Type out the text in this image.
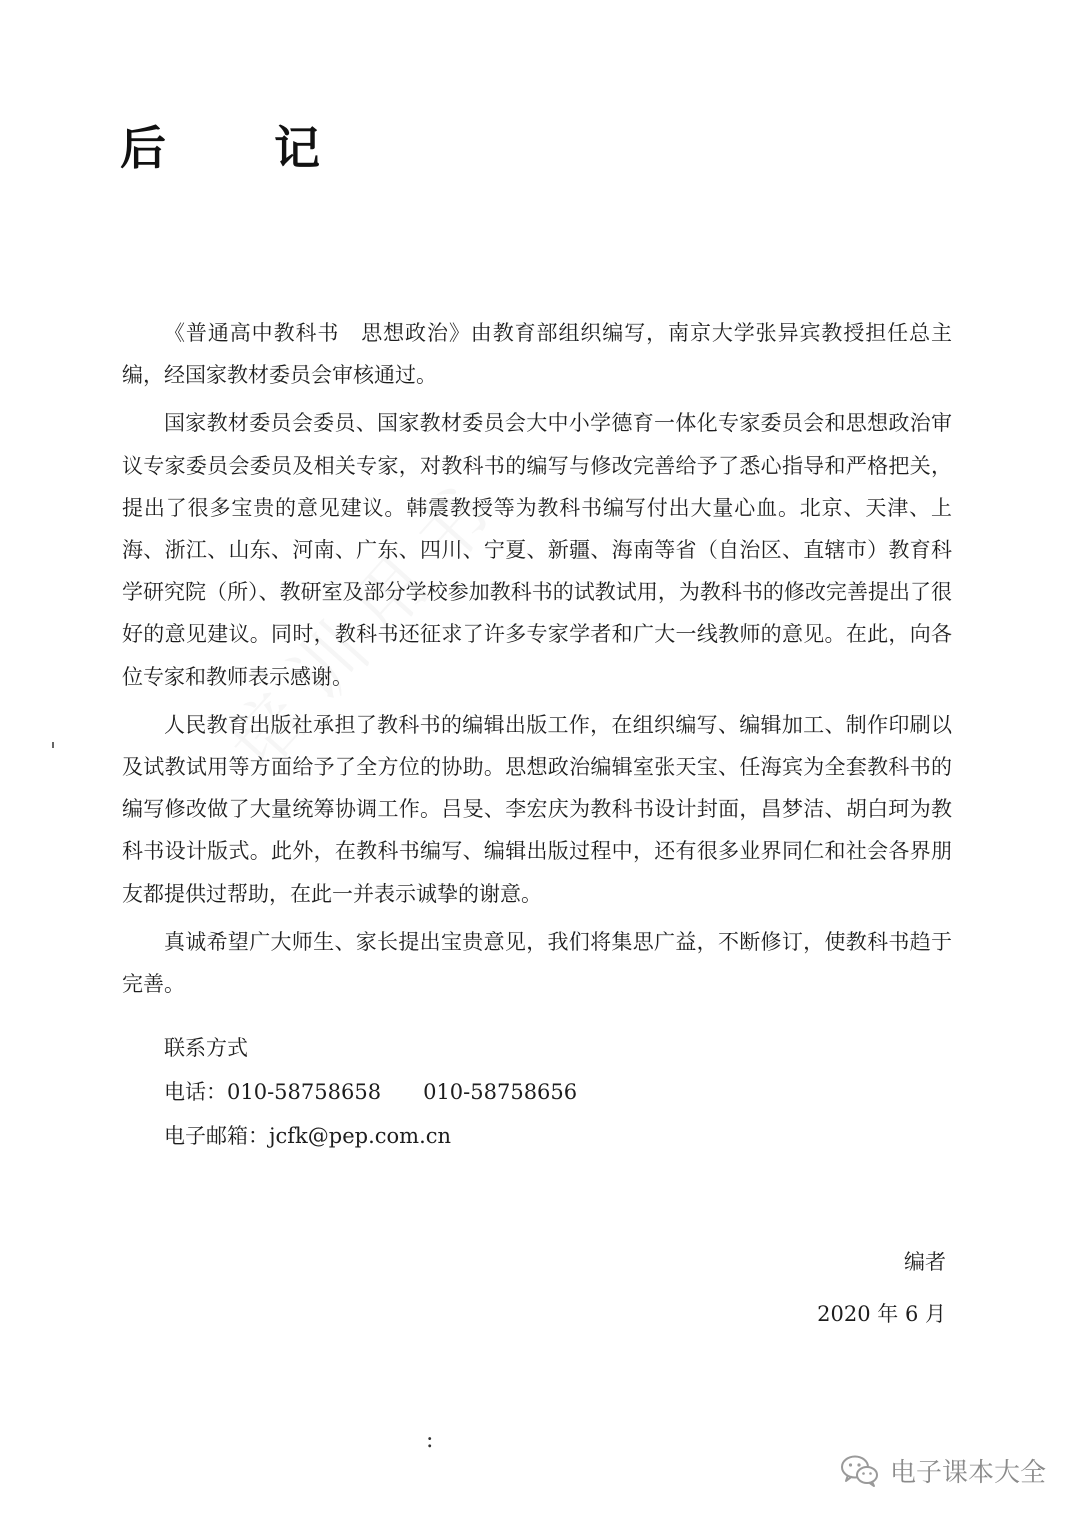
后 记

《普通高中教科书　思想政治》由教育部组织编写，南京大学张异宾教授担任总主编，经国家教材委员会审核通过。

国家教材委员会委员、国家教材委员会大中小学德育一体化专家委员会和思想政治审议专家委员会委员及相关专家，对教科书的编写与修改完善给予了悉心指导和严格把关，提出了很多宝贵的意见建议。韩震教授等为教科书编写付出大量心血。北京、天津、上海、浙江、山东、河南、广东、四川、宁夏、新疆、海南等省（自治区、直辖市）教育科学研究院（所）、教研室及部分学校参加教科书的试教试用，为教科书的修改完善提出了很好的意见建议。同时，教科书还征求了许多专家学者和广大一线教师的意见。在此，向各位专家和教师表示感谢。

人民教育出版社承担了教科书的编辑出版工作，在组织编写、编辑加工、制作印刷以及试教试用等方面给予了全方位的协助。思想政治编辑室张天宝、任海宾为全套教科书的编写修改做了大量统筹协调工作。吕旻、李宏庆为教科书设计封面，昌梦洁、胡白珂为教科书设计版式。此外，在教科书编写、编辑出版过程中，还有很多业界同仁和社会各界朋友都提供过帮助，在此一并表示诚挚的谢意。

真诚希望广大师生、家长提出宝贵意见，我们将集思广益，不断修订，使教科书趋于完善。

联系方式
电话：010-58758658 010-58758656
电子邮箱：jcfk@pep.com.cn
编者
2020 年 6 月
:
电子课本大全
